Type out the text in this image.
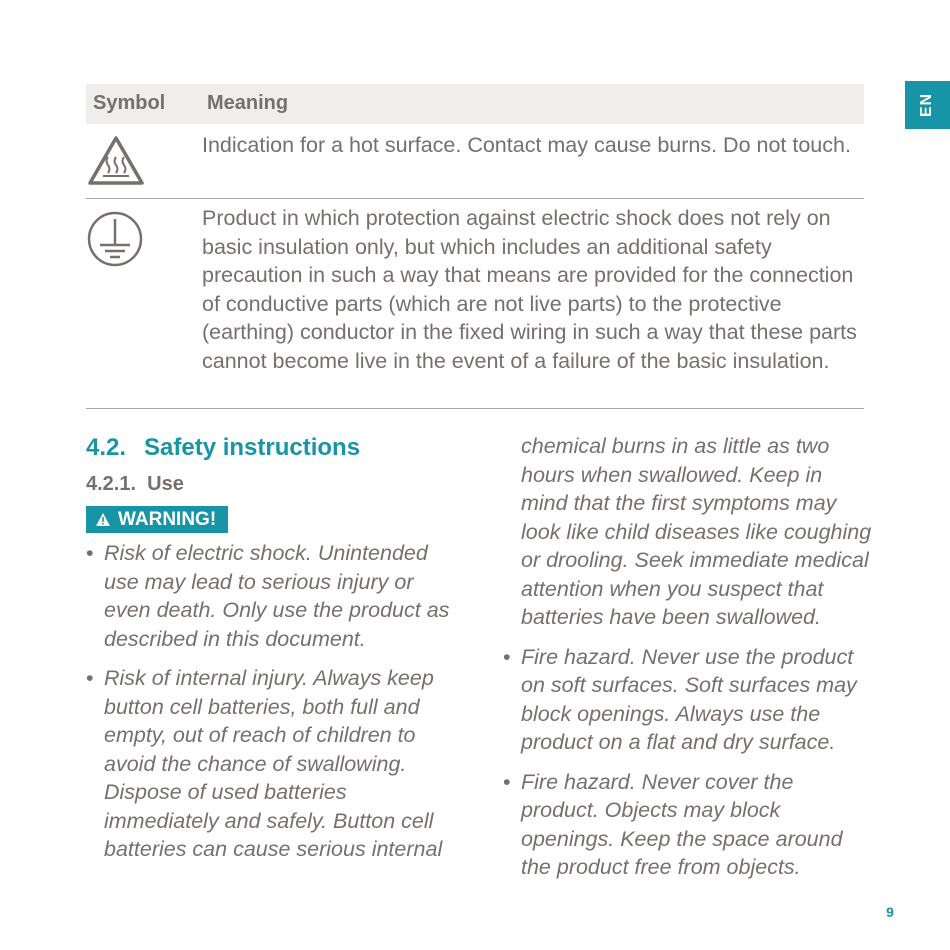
EN
Symbol Meaning
Indication for a hot surface. Contact may cause burns. Do not touch.
Product in which protection against electric shock does not rely on basic insulation only, but which includes an additional safety precaution in such a way that means are provided for the connection of conductive parts (which are not live parts) to the protective (earthing) conductor in the fixed wiring in such a way that these parts cannot become live in the event of a failure of the basic insulation.
4.2. Safety instructions
4.2.1. Use
WARNING!
• Risk of electric shock. Unintended use may lead to serious injury or even death. Only use the product as described in this document.
• Risk of internal injury. Always keep button cell batteries, both full and empty, out of reach of children to avoid the chance of swallowing. Dispose of used batteries immediately and safely. Button cell batteries can cause serious internal
chemical burns in as little as two hours when swallowed. Keep in mind that the first symptoms may look like child diseases like coughing or drooling. Seek immediate medical attention when you suspect that batteries have been swallowed.
• Fire hazard. Never use the product on soft surfaces. Soft surfaces may block openings. Always use the product on a flat and dry surface.
• Fire hazard. Never cover the product. Objects may block openings. Keep the space around the product free from objects.
9
